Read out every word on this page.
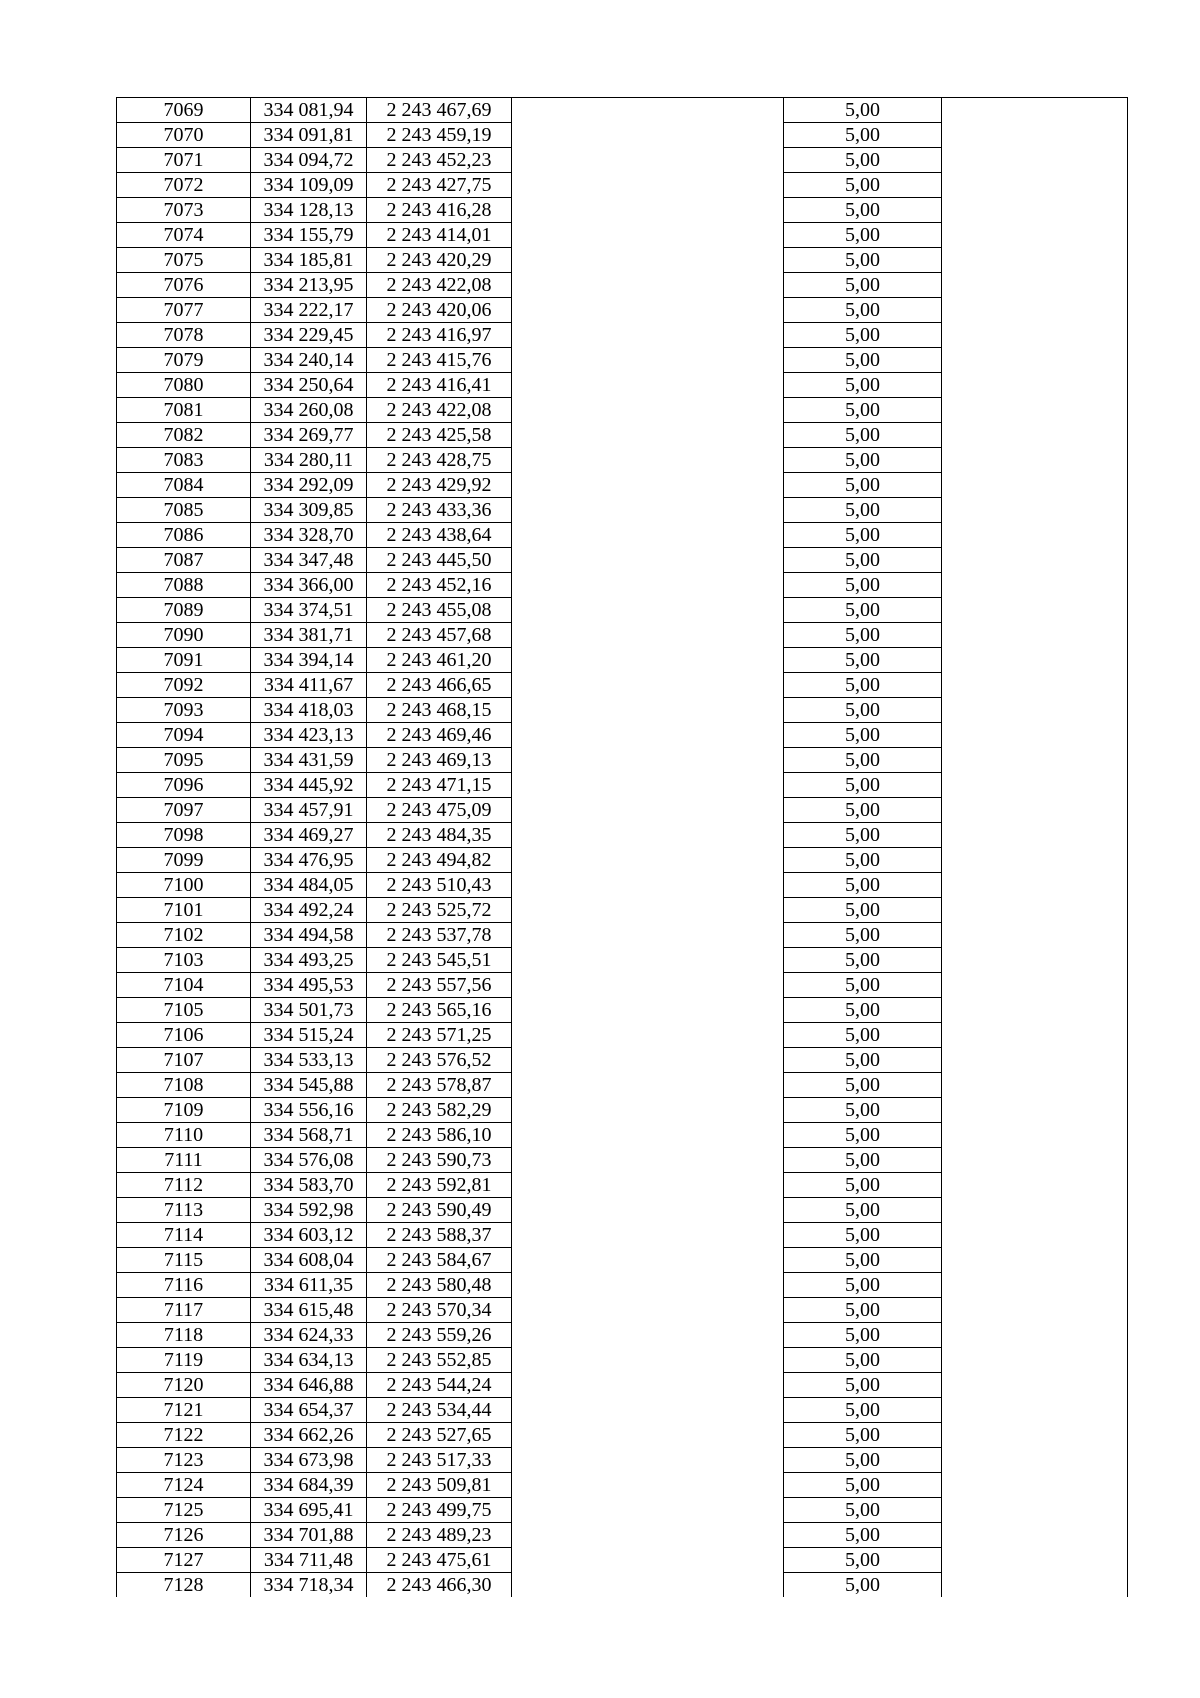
7069	334 081,94	2 243 467,69		5,00	
7070	334 091,81	2 243 459,19		5,00	
7071	334 094,72	2 243 452,23		5,00	
7072	334 109,09	2 243 427,75		5,00	
7073	334 128,13	2 243 416,28		5,00	
7074	334 155,79	2 243 414,01		5,00	
7075	334 185,81	2 243 420,29		5,00	
7076	334 213,95	2 243 422,08		5,00	
7077	334 222,17	2 243 420,06		5,00	
7078	334 229,45	2 243 416,97		5,00	
7079	334 240,14	2 243 415,76		5,00	
7080	334 250,64	2 243 416,41		5,00	
7081	334 260,08	2 243 422,08		5,00	
7082	334 269,77	2 243 425,58		5,00	
7083	334 280,11	2 243 428,75		5,00	
7084	334 292,09	2 243 429,92		5,00	
7085	334 309,85	2 243 433,36		5,00	
7086	334 328,70	2 243 438,64		5,00	
7087	334 347,48	2 243 445,50		5,00	
7088	334 366,00	2 243 452,16		5,00	
7089	334 374,51	2 243 455,08		5,00	
7090	334 381,71	2 243 457,68		5,00	
7091	334 394,14	2 243 461,20		5,00	
7092	334 411,67	2 243 466,65		5,00	
7093	334 418,03	2 243 468,15		5,00	
7094	334 423,13	2 243 469,46		5,00	
7095	334 431,59	2 243 469,13		5,00	
7096	334 445,92	2 243 471,15		5,00	
7097	334 457,91	2 243 475,09		5,00	
7098	334 469,27	2 243 484,35		5,00	
7099	334 476,95	2 243 494,82		5,00	
7100	334 484,05	2 243 510,43		5,00	
7101	334 492,24	2 243 525,72		5,00	
7102	334 494,58	2 243 537,78		5,00	
7103	334 493,25	2 243 545,51		5,00	
7104	334 495,53	2 243 557,56		5,00	
7105	334 501,73	2 243 565,16		5,00	
7106	334 515,24	2 243 571,25		5,00	
7107	334 533,13	2 243 576,52		5,00	
7108	334 545,88	2 243 578,87		5,00	
7109	334 556,16	2 243 582,29		5,00	
7110	334 568,71	2 243 586,10		5,00	
7111	334 576,08	2 243 590,73		5,00	
7112	334 583,70	2 243 592,81		5,00	
7113	334 592,98	2 243 590,49		5,00	
7114	334 603,12	2 243 588,37		5,00	
7115	334 608,04	2 243 584,67		5,00	
7116	334 611,35	2 243 580,48		5,00	
7117	334 615,48	2 243 570,34		5,00	
7118	334 624,33	2 243 559,26		5,00	
7119	334 634,13	2 243 552,85		5,00	
7120	334 646,88	2 243 544,24		5,00	
7121	334 654,37	2 243 534,44		5,00	
7122	334 662,26	2 243 527,65		5,00	
7123	334 673,98	2 243 517,33		5,00	
7124	334 684,39	2 243 509,81		5,00	
7125	334 695,41	2 243 499,75		5,00	
7126	334 701,88	2 243 489,23		5,00	
7127	334 711,48	2 243 475,61		5,00	
7128	334 718,34	2 243 466,30		5,00	
